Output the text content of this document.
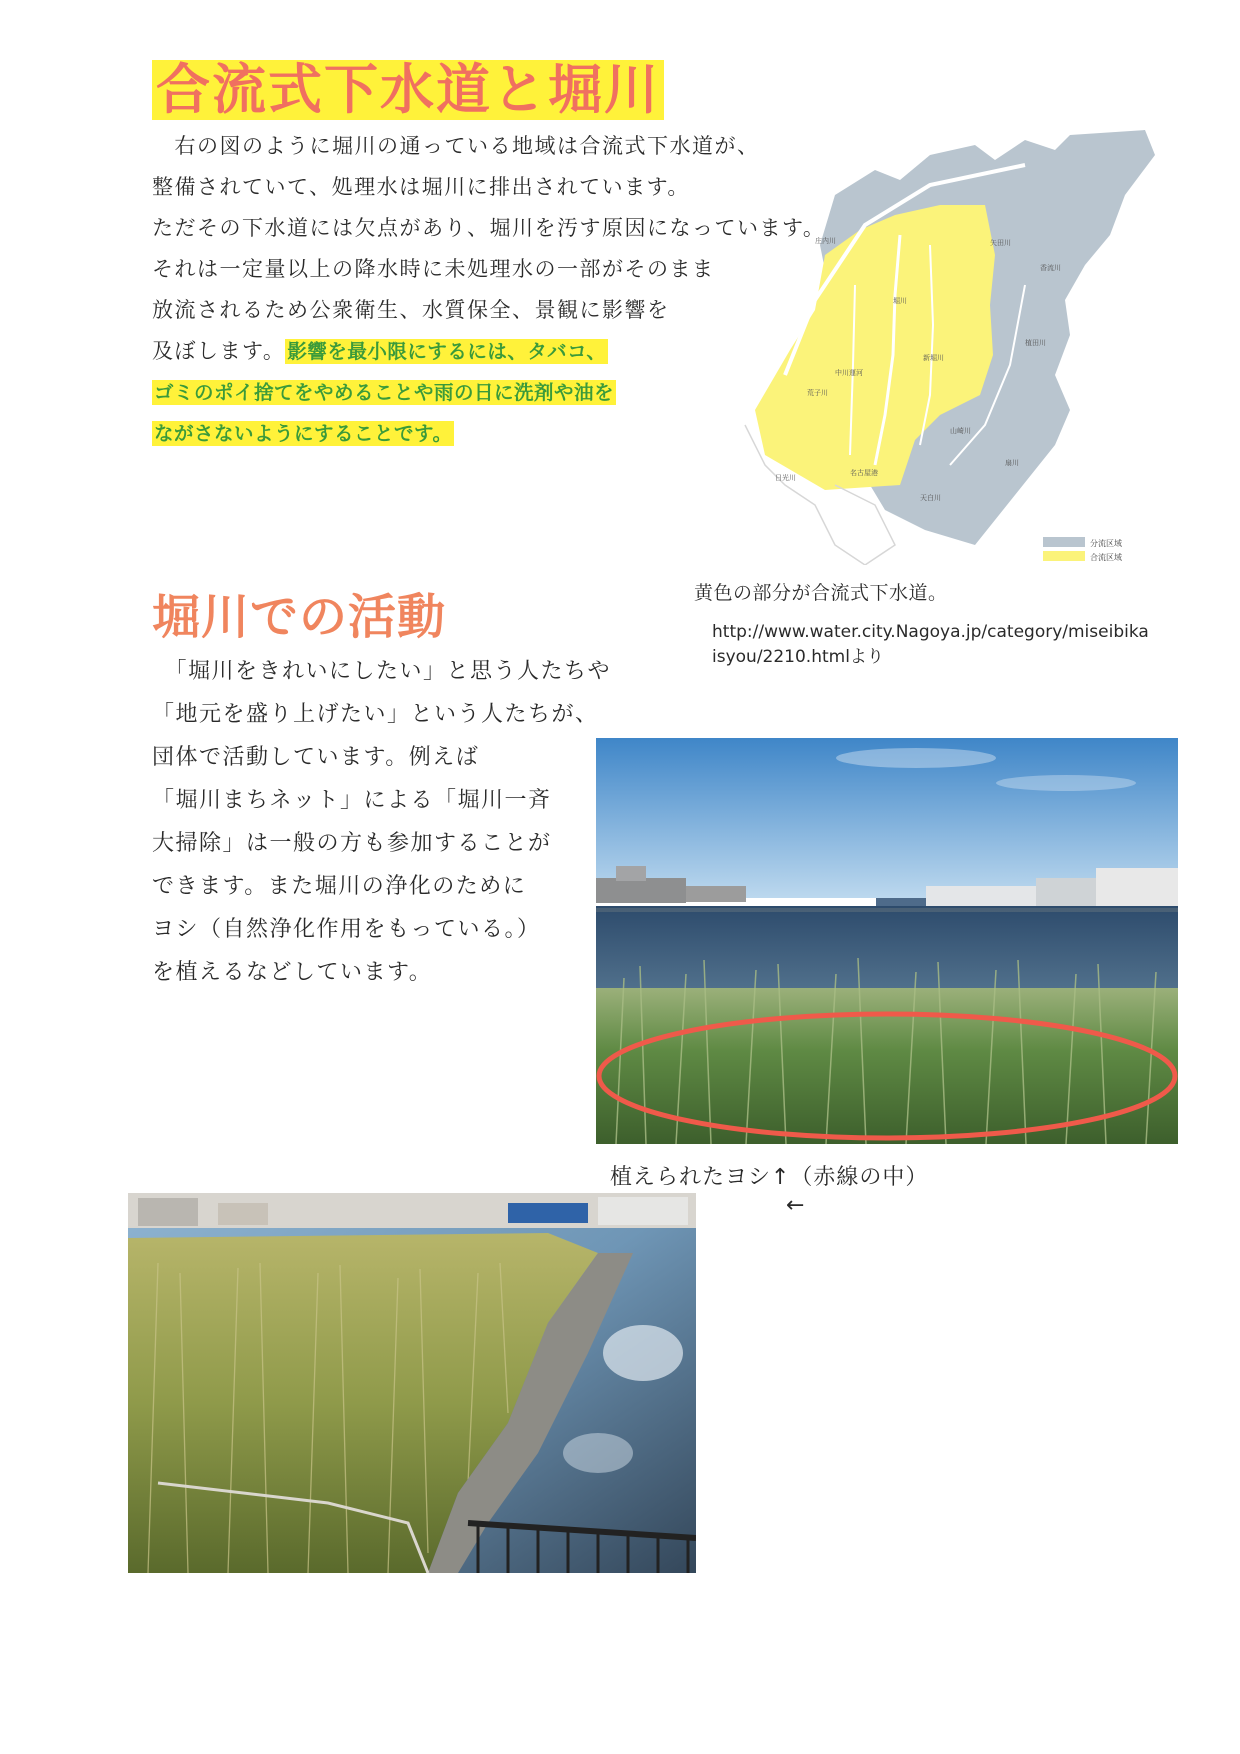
合流式下水道と堀川
　右の図のように堀川の通っている地域は合流式下水道が、
整備されていて、処理水は堀川に排出されています。
ただその下水道には欠点があり、堀川を汚す原因になっています。
それは一定量以上の降水時に未処理水の一部がそのまま
放流されるため公衆衛生、水質保全、景観に影響を
及ぼします。 影響を最小限にするには、タバコ、
ゴミのポイ捨てをやめることや雨の日に洗剤や油を
ながさないようにすることです。
庄内川	矢田川
香流川
堀川
新堀川
中川運河
荒子川
山崎川
天白川
扇川
名古屋港
日光川
植田川
分流区域
合流区域
黄色の部分が合流式下水道。
http://www.water.city.Nagoya.jp/category/miseibikaisyou/2210.htmlより
堀川での活動
　「堀川をきれいにしたい」と思う人たちや
「地元を盛り上げたい」という人たちが、
団体で活動しています。例えば
「堀川まちネット」による「堀川一斉
大掃除」は一般の方も参加することが
できます。また堀川の浄化のために
ヨシ（自然浄化作用をもっている。）
を植えるなどしています。
植えられたヨシ↑（赤線の中）
←
